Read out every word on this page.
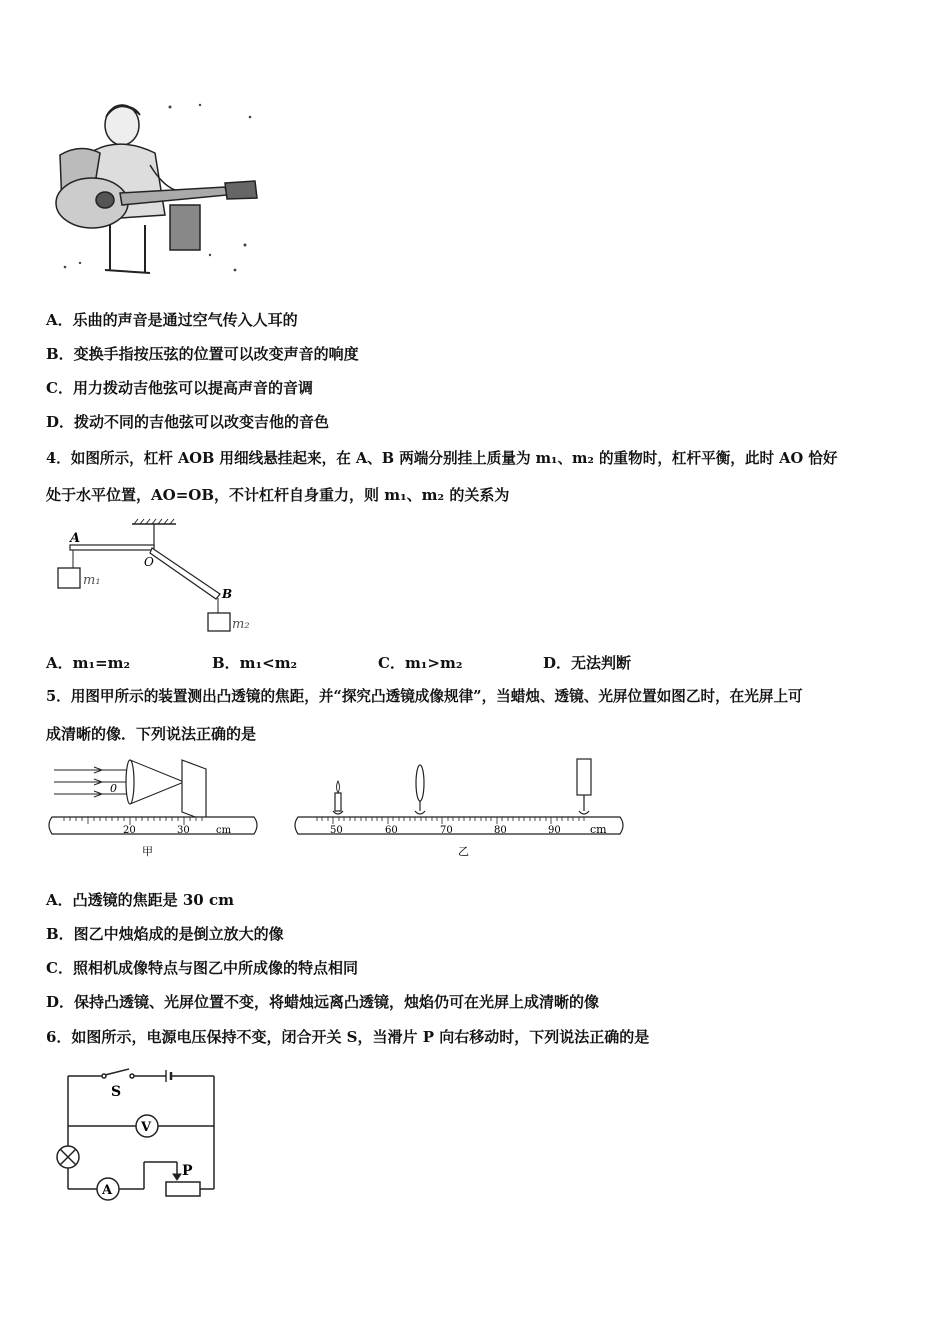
A．乐曲的声音是通过空气传入人耳的
B．变换手指按压弦的位置可以改变声音的响度
C．用力拨动吉他弦可以提高声音的音调
D．拨动不同的吉他弦可以改变吉他的音色
4．如图所示，杠杆 AOB 用细线悬挂起来，在 A、B 两端分别挂上质量为 m₁、m₂ 的重物时，杠杆平衡，此时 AO 恰好
处于水平位置，AO=OB，不计杠杆自身重力，则 m₁、m₂ 的关系为
A
O
B
m₁
m₂
A．m₁=m₂	B．m₁<m₂	C．m₁>m₂	D．无法判断
5．用图甲所示的装置测出凸透镜的焦距，并“探究凸透镜成像规律”，当蜡烛、透镜、光屏位置如图乙时，在光屏上可
成清晰的像．下列说法正确的是
0
20	30	cm
甲
50	60	70	80	90	cm
乙
A．凸透镜的焦距是 30 cm
B．图乙中烛焰成的是倒立放大的像
C．照相机成像特点与图乙中所成像的特点相同
D．保持凸透镜、光屏位置不变，将蜡烛远离凸透镜，烛焰仍可在光屏上成清晰的像
6．如图所示，电源电压保持不变，闭合开关 S，当滑片 P 向右移动时，下列说法正确的是
S
V
A
P
